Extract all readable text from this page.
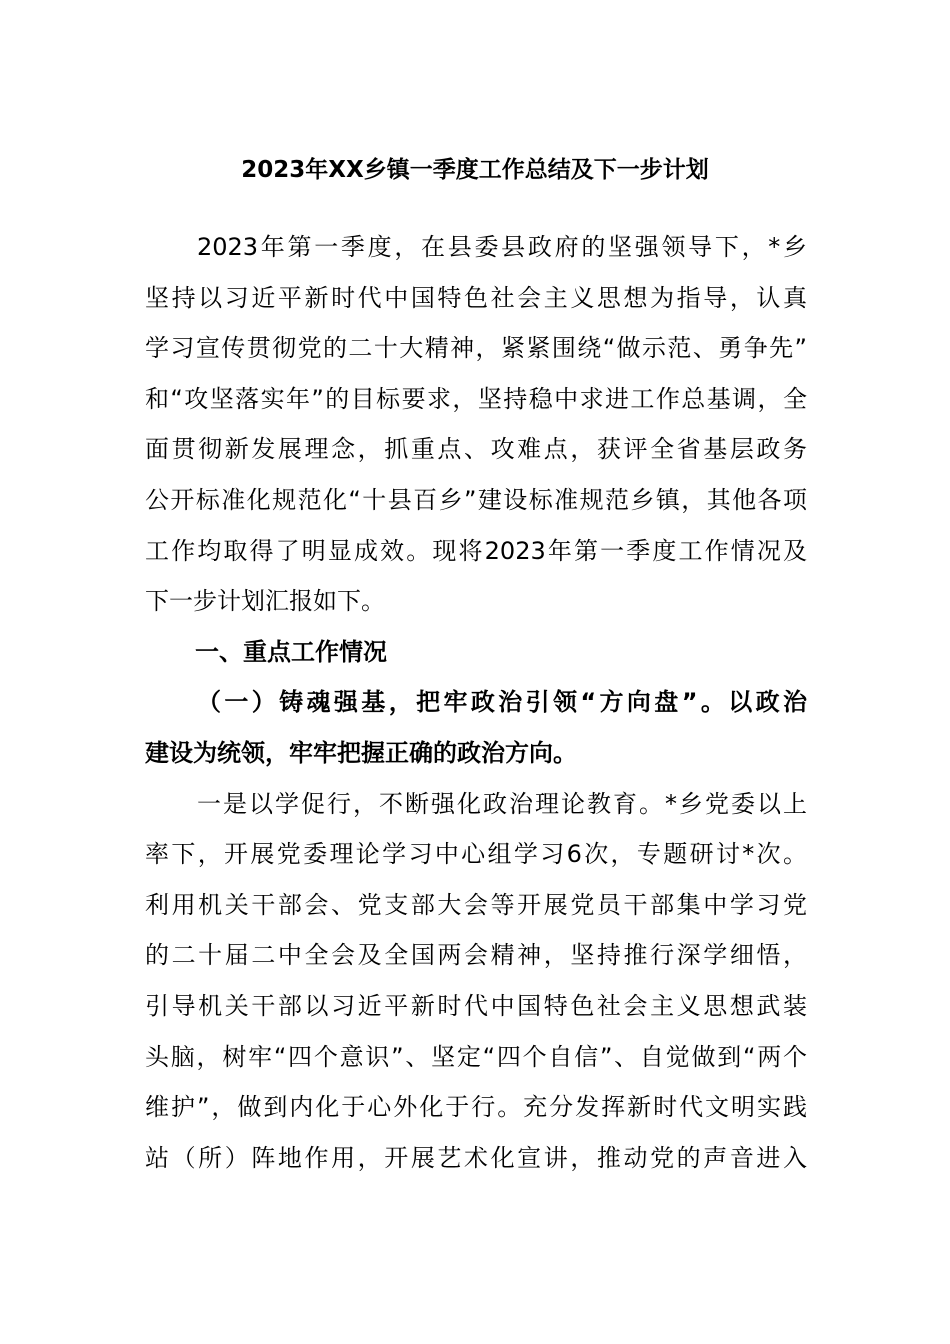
2023年XX乡镇一季度工作总结及下一步计划
2023年第一季度，在县委县政府的坚强领导下，*乡
坚持以习近平新时代中国特色社会主义思想为指导，认真
学习宣传贯彻党的二十大精神，紧紧围绕“做示范、勇争先”
和“攻坚落实年”的目标要求，坚持稳中求进工作总基调，全
面贯彻新发展理念，抓重点、攻难点，获评全省基层政务
公开标准化规范化“十县百乡”建设标准规范乡镇，其他各项
工作均取得了明显成效。现将2023年第一季度工作情况及
下一步计划汇报如下。
一、重点工作情况
（一）铸魂强基，把牢政治引领“方向盘”。以政治
建设为统领，牢牢把握正确的政治方向。
一是以学促行，不断强化政治理论教育。*乡党委以上
率下，开展党委理论学习中心组学习6次，专题研讨*次。
利用机关干部会、党支部大会等开展党员干部集中学习党
的二十届二中全会及全国两会精神，坚持推行深学细悟，
引导机关干部以习近平新时代中国特色社会主义思想武装
头脑，树牢“四个意识”、坚定“四个自信”、自觉做到“两个
维护”，做到内化于心外化于行。充分发挥新时代文明实践
站（所）阵地作用，开展艺术化宣讲，推动党的声音进入
